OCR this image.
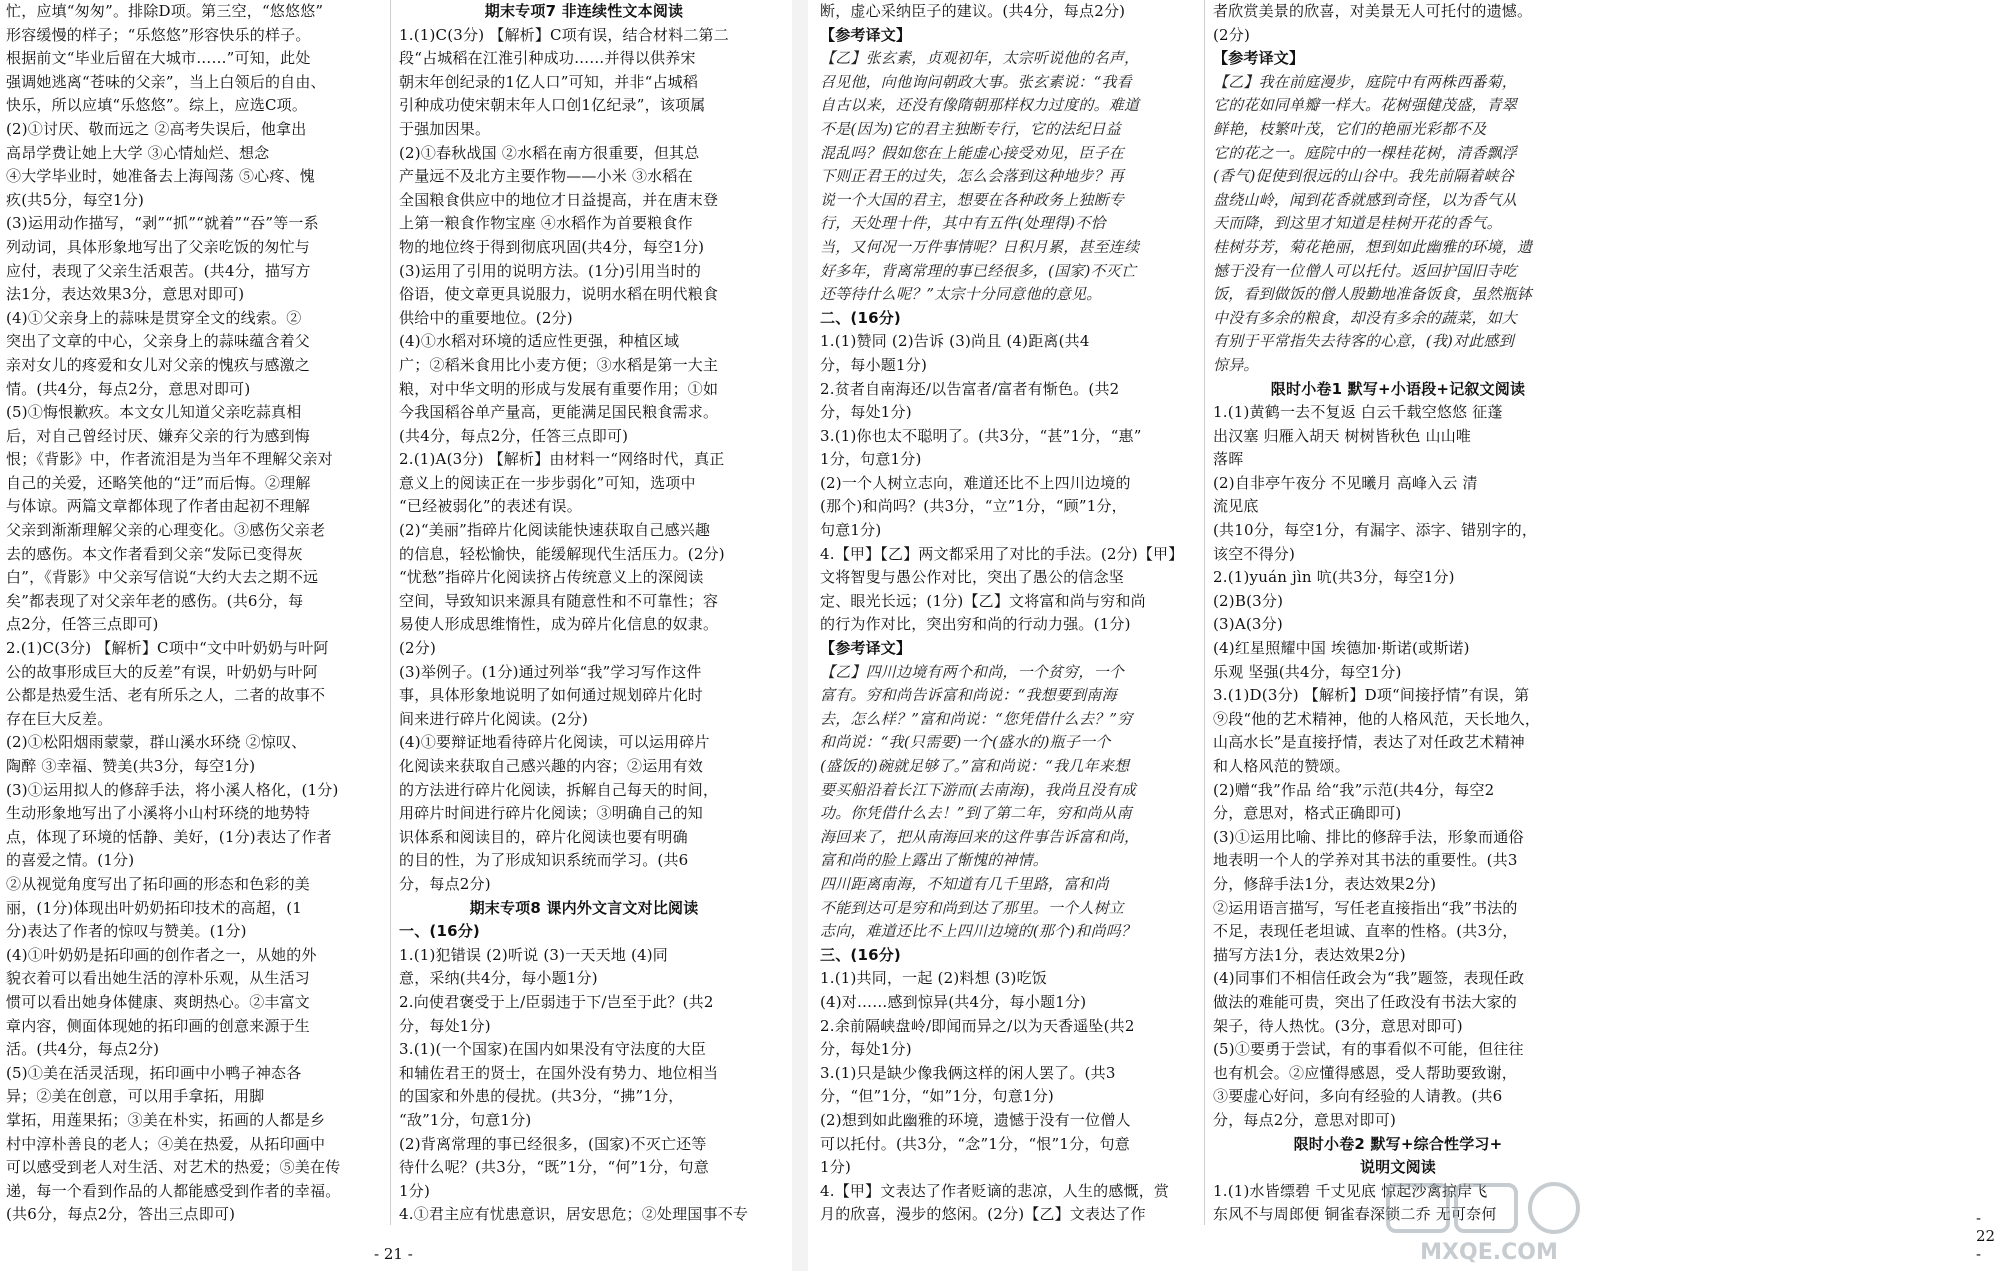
忙，应填“匆匆”。排除D项。第三空，“悠悠悠”

形容缓慢的样子；“乐悠悠”形容快乐的样子。

根据前文“毕业后留在大城市……”可知，此处

强调她逃离“苍味的父亲”，当上白领后的自由、

快乐，所以应填“乐悠悠”。综上，应选C项。

(2)①讨厌、敬而远之 ②高考失误后，他拿出

高昂学费让她上大学 ③心情灿烂、想念

④大学毕业时，她准备去上海闯荡 ⑤心疼、愧

疚(共5分，每空1分)

(3)运用动作描写，“剥”“抓”“就着”“吞”等一系

列动词，具体形象地写出了父亲吃饭的匆忙与

应付，表现了父亲生活艰苦。(共4分，描写方

法1分，表达效果3分，意思对即可)

(4)①父亲身上的蒜味是贯穿全文的线索。②

突出了文章的中心，父亲身上的蒜味蕴含着父

亲对女儿的疼爱和女儿对父亲的愧疚与感激之

情。(共4分，每点2分，意思对即可)

(5)①悔恨歉疚。本文女儿知道父亲吃蒜真相

后，对自己曾经讨厌、嫌弃父亲的行为感到悔

恨；《背影》中，作者流泪是为当年不理解父亲对

自己的关爱，还略笑他的“迂”而后悔。②理解

与体谅。两篇文章都体现了作者由起初不理解

父亲到渐渐理解父亲的心理变化。③感伤父亲老

去的感伤。本文作者看到父亲“发际已变得灰

白”，《背影》中父亲写信说“大约大去之期不远

矣”都表现了对父亲年老的感伤。(共6分，每

点2分，任答三点即可)

2.(1)C(3分) 【解析】C项中“文中叶奶奶与叶阿

公的故事形成巨大的反差”有误，叶奶奶与叶阿

公都是热爱生活、老有所乐之人，二者的故事不

存在巨大反差。

(2)①松阳烟雨蒙蒙，群山溪水环绕 ②惊叹、

陶醉 ③幸福、赞美(共3分，每空1分)

(3)①运用拟人的修辞手法，将小溪人格化，(1分)

生动形象地写出了小溪将小山村环绕的地势特

点，体现了环境的恬静、美好，(1分)表达了作者

的喜爱之情。(1分)

②从视觉角度写出了拓印画的形态和色彩的美

丽，(1分)体现出叶奶奶拓印技术的高超，(1

分)表达了作者的惊叹与赞美。(1分)

(4)①叶奶奶是拓印画的创作者之一，从她的外

貌衣着可以看出她生活的淳朴乐观，从生活习

惯可以看出她身体健康、爽朗热心。②丰富文

章内容，侧面体现她的拓印画的创意来源于生

活。(共4分，每点2分)

(5)①美在活灵活现，拓印画中小鸭子神态各

异；②美在创意，可以用手拿拓，用脚

掌拓，用莲果拓；③美在朴实，拓画的人都是乡

村中淳朴善良的老人；④美在热爱，从拓印画中

可以感受到老人对生活、对艺术的热爱；⑤美在传

递，每一个看到作品的人都能感受到作者的幸福。

(共6分，每点2分，答出三点即可)

期末专项7 非连续性文本阅读

1.(1)C(3分) 【解析】C项有误，结合材料二第二

段“占城稻在江淮引种成功……并得以供养宋

朝末年创纪录的1亿人口”可知，并非“占城稻

引种成功使宋朝末年人口创1亿纪录”，该项属

于强加因果。

(2)①春秋战国 ②水稻在南方很重要，但其总

产量远不及北方主要作物——小米 ③水稻在

全国粮食供应中的地位才日益提高，并在唐末登

上第一粮食作物宝座 ④水稻作为首要粮食作

物的地位终于得到彻底巩固(共4分，每空1分)

(3)运用了引用的说明方法。(1分)引用当时的

俗语，使文章更具说服力，说明水稻在明代粮食

供给中的重要地位。(2分)

(4)①水稻对环境的适应性更强，种植区域

广；②稻米食用比小麦方便；③水稻是第一大主

粮，对中华文明的形成与发展有重要作用；①如

今我国稻谷单产量高，更能满足国民粮食需求。

(共4分，每点2分，任答三点即可)

2.(1)A(3分) 【解析】由材料一“网络时代，真正

意义上的阅读正在一步步弱化”可知，选项中

“已经被弱化”的表述有误。

(2)“美丽”指碎片化阅读能快速获取自己感兴趣

的信息，轻松愉快，能缓解现代生活压力。(2分)

“忧愁”指碎片化阅读挤占传统意义上的深阅读

空间，导致知识来源具有随意性和不可靠性；容

易使人形成思维惰性，成为碎片化信息的奴隶。

(2分)

(3)举例子。(1分)通过列举“我”学习写作这件

事，具体形象地说明了如何通过规划碎片化时

间来进行碎片化阅读。(2分)

(4)①要辩证地看待碎片化阅读，可以运用碎片

化阅读来获取自己感兴趣的内容；②运用有效

的方法进行碎片化阅读，拆解自己每天的时间，

用碎片时间进行碎片化阅读；③明确自己的知

识体系和阅读目的，碎片化阅读也要有明确

的目的性，为了形成知识系统而学习。(共6

分，每点2分)

期末专项8 课内外文言文对比阅读

一、(16分)

1.(1)犯错误 (2)听说 (3)一天天地 (4)同

意，采纳(共4分，每小题1分)

2.向使君褒受于上/臣弱违于下/岂至于此？(共2

分，每处1分)

3.(1)(一个国家)在国内如果没有守法度的大臣

和辅佐君王的贤士，在国外没有势力、地位相当

的国家和外患的侵扰。(共3分，“拂”1分，

“敌”1分，句意1分)

(2)背离常理的事已经很多，(国家)不灭亡还等

待什么呢？(共3分，“既”1分，“何”1分，句意

1分)

4.①君主应有忧患意识，居安思危；②处理国事不专

- 21 -

断，虚心采纳臣子的建议。(共4分，每点2分)

【参考译文】

【乙】张玄素，贞观初年，太宗听说他的名声，

召见他，向他询问朝政大事。张玄素说：“我看

自古以来，还没有像隋朝那样权力过度的。难道

不是(因为)它的君主独断专行，它的法纪日益

混乱吗？假如您在上能虚心接受劝见，臣子在

下则正君王的过失，怎么会落到这种地步？再

说一个大国的君主，想要在各种政务上独断专

行，天处理十件，其中有五件(处理得)不恰

当，又何况一万件事情呢？日积月累，甚至连续

好多年，背离常理的事已经很多，(国家)不灭亡

还等待什么呢？”太宗十分同意他的意见。

二、(16分)

1.(1)赞同 (2)告诉 (3)尚且 (4)距离(共4

分，每小题1分)

2.贫者自南海还/以告富者/富者有惭色。(共2

分，每处1分)

3.(1)你也太不聪明了。(共3分，“甚”1分，“惠”

1分，句意1分)

(2)一个人树立志向，难道还比不上四川边境的

(那个)和尚吗？(共3分，“立”1分，“顾”1分，

句意1分)

4.【甲】【乙】两文都采用了对比的手法。(2分)【甲】

文将智叟与愚公作对比，突出了愚公的信念坚

定、眼光长远；(1分)【乙】文将富和尚与穷和尚

的行为作对比，突出穷和尚的行动力强。(1分)

【参考译文】

【乙】四川边境有两个和尚，一个贫穷，一个

富有。穷和尚告诉富和尚说：“我想要到南海

去，怎么样？”富和尚说：“您凭借什么去？”穷

和尚说：“我(只需要)一个(盛水的)瓶子一个

(盛饭的)碗就足够了。”富和尚说：“我几年来想

要买船沿着长江下游而(去南海)，我尚且没有成

功。你凭借什么去！”到了第二年，穷和尚从南

海回来了，把从南海回来的这件事告诉富和尚，

富和尚的脸上露出了惭愧的神情。

四川距离南海，不知道有几千里路，富和尚

不能到达可是穷和尚到达了那里。一个人树立

志向，难道还比不上四川边境的(那个)和尚吗？

三、(16分)

1.(1)共同，一起 (2)料想 (3)吃饭

(4)对……感到惊异(共4分，每小题1分)

2.余前隔峡盘岭/即闻而异之/以为天香遥坠(共2

分，每处1分)

3.(1)只是缺少像我俩这样的闲人罢了。(共3

分，“但”1分，“如”1分，句意1分)

(2)想到如此幽雅的环境，遗憾于没有一位僧人

可以托付。(共3分，“念”1分，“恨”1分，句意

1分)

4.【甲】文表达了作者贬谪的悲凉，人生的感慨，赏

月的欣喜，漫步的悠闲。(2分)【乙】文表达了作

者欣赏美景的欣喜，对美景无人可托付的遗憾。

(2分)

【参考译文】

【乙】我在前庭漫步，庭院中有两株西番菊，

它的花如同单瓣一样大。花树强健茂盛，青翠

鲜艳，枝繁叶茂，它们的艳丽光彩都不及

它的花之一。庭院中的一棵桂花树，清香飘浮

(香气)促使到很远的山谷中。我先前隔着峡谷

盘绕山岭，闻到花香就感到奇怪，以为香气从

天而降，到这里才知道是桂树开花的香气。

桂树芬芳，菊花艳丽，想到如此幽雅的环境，遗

憾于没有一位僧人可以托付。返回护国旧寺吃

饭，看到做饭的僧人殷勤地准备饭食，虽然瓶钵

中没有多余的粮食，却没有多余的蔬菜，如大

有别于平常指失去待客的心意，(我)对此感到

惊异。

限时小卷1 默写+小语段+记叙文阅读

1.(1)黄鹤一去不复返 白云千载空悠悠 征蓬

出汉塞 归雁入胡天 树树皆秋色 山山唯

落晖

(2)自非亭午夜分 不见曦月 高峰入云 清

流见底

(共10分，每空1分，有漏字、添字、错别字的，

该空不得分)

2.(1)yuán jìn 吭(共3分，每空1分)

(2)B(3分)

(3)A(3分)

(4)红星照耀中国 埃德加·斯诺(或斯诺)

乐观 坚强(共4分，每空1分)

3.(1)D(3分) 【解析】D项“间接抒情”有误，第

⑨段“他的艺术精神，他的人格风范，天长地久，

山高水长”是直接抒情，表达了对任政艺术精神

和人格风范的赞颂。

(2)赠“我”作品 给“我”示范(共4分，每空2

分，意思对，格式正确即可)

(3)①运用比喻、排比的修辞手法，形象而通俗

地表明一个人的学养对其书法的重要性。(共3

分，修辞手法1分，表达效果2分)

②运用语言描写，写任老直接指出“我”书法的

不足，表现任老坦诚、直率的性格。(共3分，

描写方法1分，表达效果2分)

(4)同事们不相信任政会为“我”题签，表现任政

做法的难能可贵，突出了任政没有书法大家的

架子，待人热忱。(3分，意思对即可)

(5)①要勇于尝试，有的事看似不可能，但往往

也有机会。②应懂得感恩，受人帮助要致谢，

③要虚心好问，多向有经验的人请教。(共6

分，每点2分，意思对即可)

限时小卷2 默写+综合性学习+

说明文阅读

1.(1)水皆缥碧 千丈见底 惊起沙禽掠岸飞

东风不与周郎便 铜雀春深锁二乔 无可奈何	- 22 -
MXQE.COM
